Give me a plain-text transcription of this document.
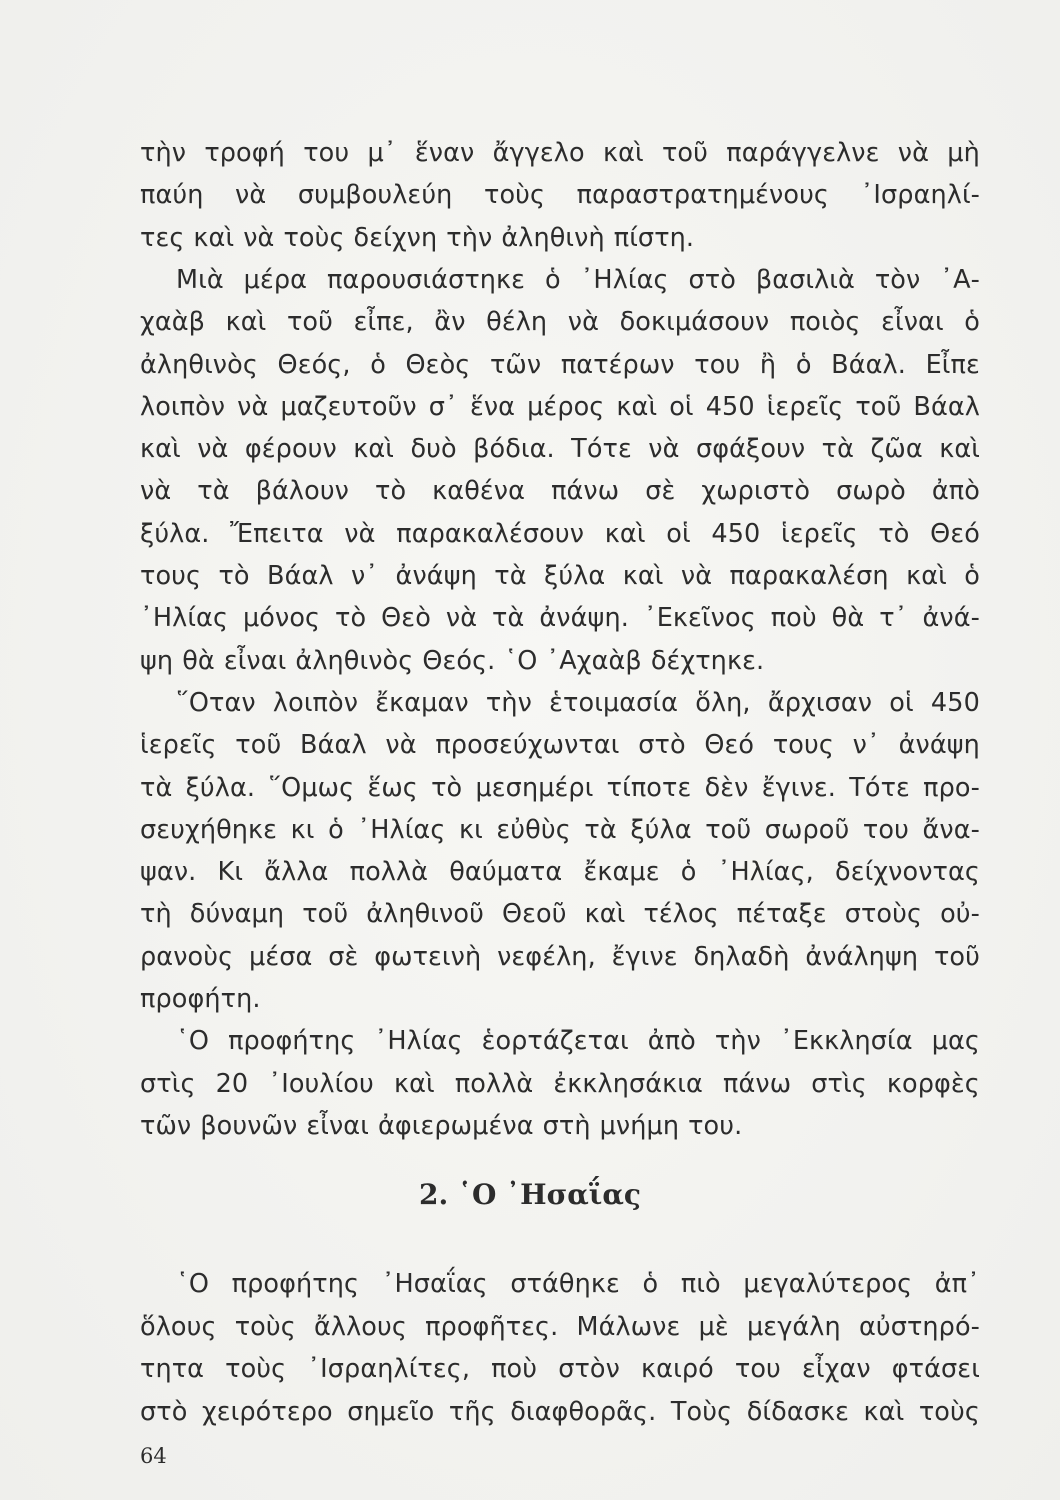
τὴν τροφή του μ᾽ ἕναν ἄγγελο καὶ τοῦ παράγγελνε νὰ μὴ
παύη νὰ συμβουλεύη τοὺς παραστρατημένους ᾽Ισραηλί-
τες καὶ νὰ τοὺς δείχνη τὴν ἀληθινὴ πίστη.
Μιὰ μέρα παρουσιάστηκε ὁ ᾽Ηλίας στὸ βασιλιὰ τὸν ᾽Α-
χαὰβ καὶ τοῦ εἶπε, ἂν θέλη νὰ δοκιμάσουν ποιὸς εἶναι ὁ
ἀληθινὸς Θεός, ὁ Θεὸς τῶν πατέρων του ἢ ὁ Βάαλ. Εἶπε
λοιπὸν νὰ μαζευτοῦν σ᾽ ἕνα μέρος καὶ οἱ 450 ἱερεῖς τοῦ Βάαλ
καὶ νὰ φέρουν καὶ δυὸ βόδια. Τότε νὰ σφάξουν τὰ ζῶα καὶ
νὰ τὰ βάλουν τὸ καθένα πάνω σὲ χωριστὸ σωρὸ ἀπὸ
ξύλα. Ἔπειτα νὰ παρακαλέσουν καὶ οἱ 450 ἱερεῖς τὸ Θεό
τους τὸ Βάαλ ν᾽ ἀνάψη τὰ ξύλα καὶ νὰ παρακαλέση καὶ ὁ
᾽Ηλίας μόνος τὸ Θεὸ νὰ τὰ ἀνάψη. ᾽Εκεῖνος ποὺ θὰ τ᾽ ἀνά-
ψη θὰ εἶναι ἀληθινὸς Θεός. ῾Ο ᾽Αχαὰβ δέχτηκε.
῞Οταν λοιπὸν ἔκαμαν τὴν ἑτοιμασία ὅλη, ἄρχισαν οἱ 450
ἱερεῖς τοῦ Βάαλ νὰ προσεύχωνται στὸ Θεό τους ν᾽ ἀνάψη
τὰ ξύλα. ῞Ομως ἕως τὸ μεσημέρι τίποτε δὲν ἔγινε. Τότε προ-
σευχήθηκε κι ὁ ᾽Ηλίας κι εὐθὺς τὰ ξύλα τοῦ σωροῦ του ἄνα-
ψαν. Κι ἄλλα πολλὰ θαύματα ἔκαμε ὁ ᾽Ηλίας, δείχνοντας
τὴ δύναμη τοῦ ἀληθινοῦ Θεοῦ καὶ τέλος πέταξε στοὺς οὐ-
ρανοὺς μέσα σὲ φωτεινὴ νεφέλη, ἔγινε δηλαδὴ ἀνάληψη τοῦ
προφήτη.
῾Ο προφήτης ᾽Ηλίας ἑορτάζεται ἀπὸ τὴν ᾽Εκκλησία μας
στὶς 20 ᾽Ιουλίου καὶ πολλὰ ἐκκλησάκια πάνω στὶς κορφὲς
τῶν βουνῶν εἶναι ἀφιερωμένα στὴ μνήμη του.
2. ῾Ο ᾽Ησαΐας
῾Ο προφήτης ᾽Ησαΐας στάθηκε ὁ πιὸ μεγαλύτερος ἀπ᾽
ὅλους τοὺς ἄλλους προφῆτες. Μάλωνε μὲ μεγάλη αὐστηρό-
τητα τοὺς ᾽Ισραηλίτες, ποὺ στὸν καιρό του εἶχαν φτάσει
στὸ χειρότερο σημεῖο τῆς διαφθορᾶς. Τοὺς δίδασκε καὶ τοὺς
64
